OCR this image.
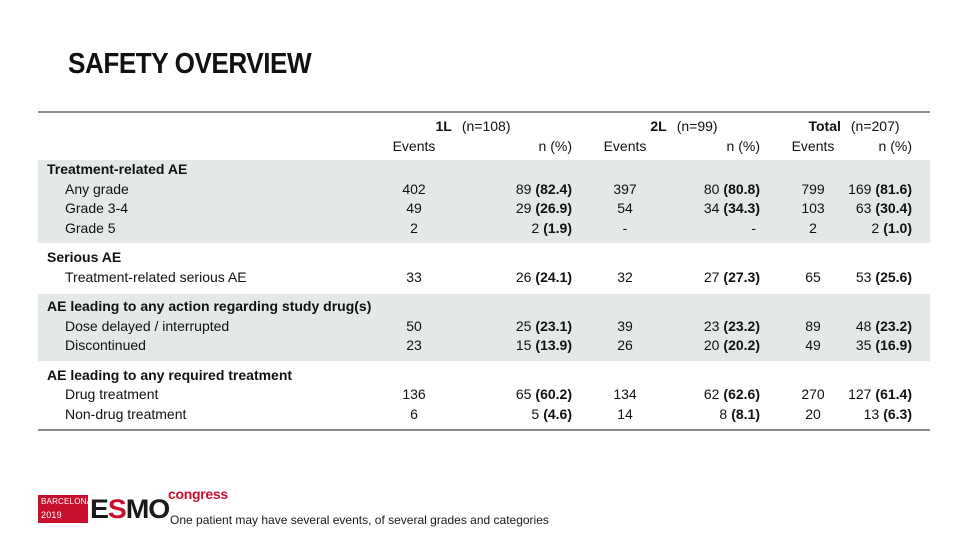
SAFETY OVERVIEW
	1L (n=108)		2L (n=99)		Total (n=207)	
	Events	n (%)	Events	n (%)	Events	n (%)
Treatment-related AE						
Any grade	402	89 (82.4)	397	80 (80.8)	799	169 (81.6)
Grade 3-4	49	29 (26.9)	54	34 (34.3)	103	63 (30.4)
Grade 5	2	2 (1.9)	-	-	2	2 (1.0)
Serious AE						
Treatment-related serious AE	33	26 (24.1)	32	27 (27.3)	65	53 (25.6)
AE leading to any action regarding study drug(s)						
Dose delayed / interrupted	50	25 (23.1)	39	23 (23.2)	89	48 (23.2)
Discontinued	23	15 (13.9)	26	20 (20.2)	49	35 (16.9)
AE leading to any required treatment						
Drug treatment	136	65 (60.2)	134	62 (62.6)	270	127 (61.4)
Non-drug treatment	6	5 (4.6)	14	8 (8.1)	20	13 (6.3)
BARCELONA
2019	ESMO
congress
One patient may have several events, of several grades and categories
